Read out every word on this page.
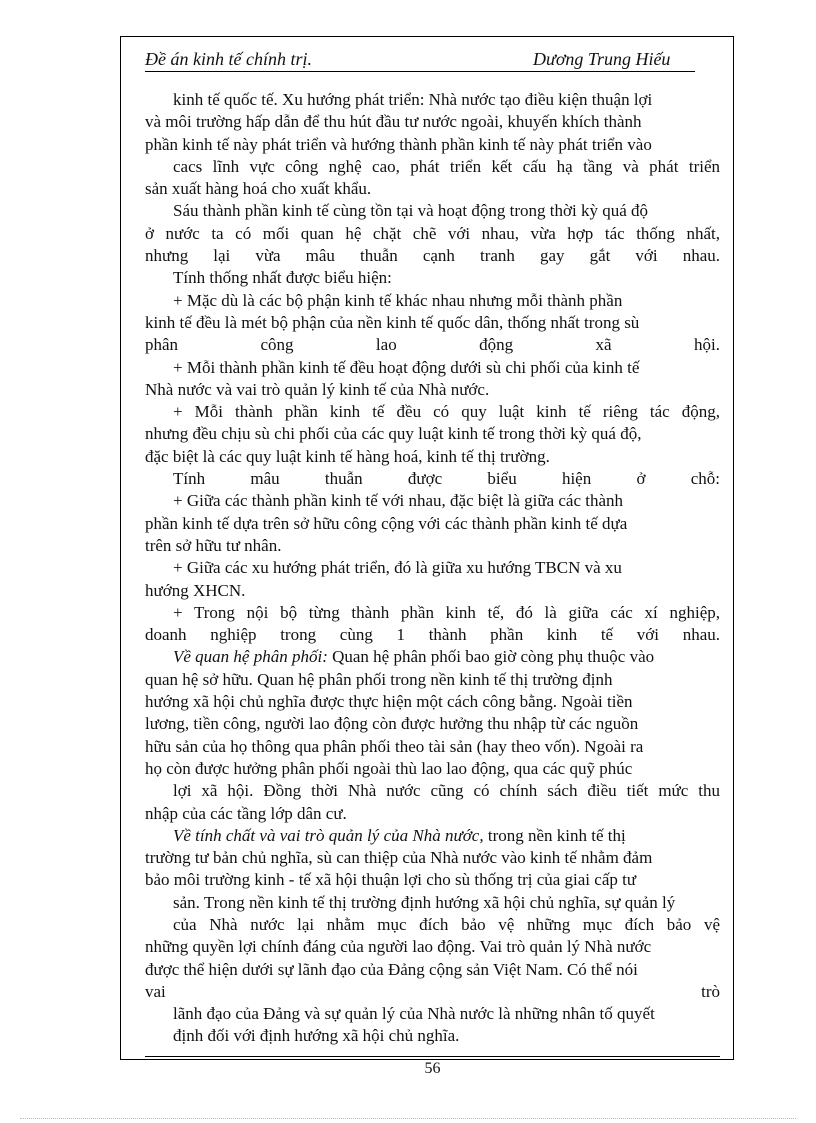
Đề án kinh tế chính trị.	Dương Trung Hiếu
kinh tế quốc tế. Xu hướng phát triển: Nhà nước tạo điều kiện thuận lợi
và môi trường hấp dẫn để thu hút đầu tư nước ngoài, khuyến khích thành
phần kinh tế này phát triển và hướng thành phần kinh tế này phát triển vào
cacs lĩnh vực công nghệ cao, phát triển kết cấu hạ tầng và phát triển
sản xuất hàng hoá cho xuất khẩu.
Sáu thành phần kinh tế cùng tồn tại và hoạt động trong thời kỳ quá độ
ở nước ta có mối quan hệ chặt chẽ với nhau, vừa hợp tác thống nhất,
nhưng lại vừa mâu thuẫn cạnh tranh gay gắt với nhau.
Tính thống nhất được biểu hiện:
+ Mặc dù là các bộ phận kinh tế khác nhau nhưng mỗi thành phần
kinh tế đều là mét bộ phận của nền kinh tế quốc dân, thống nhất trong sù
phân công lao động xã hội.
+ Mỗi thành phần kinh tế đều hoạt động dưới sù chi phối của kinh tế
Nhà nước và vai trò quản lý kinh tế của Nhà nước.
+ Mỗi thành phần kinh tế đều có quy luật kinh tế riêng tác động,
nhưng đều chịu sù chi phối của các quy luật kinh tế trong thời kỳ quá độ,
đặc biệt là các quy luật kinh tế hàng hoá, kinh tế thị trường.
Tính mâu thuẫn được biểu hiện ở chỗ:
+ Giữa các thành phần kinh tế với nhau, đặc biệt là giữa các thành
phần kinh tế dựa trên sở hữu công cộng với các thành phần kinh tế dựa
trên sở hữu tư nhân.
+ Giữa các xu hướng phát triển, đó là giữa xu hướng TBCN và xu
hướng XHCN.
+ Trong nội bộ từng thành phần kinh tế, đó là giữa các xí nghiệp,
doanh nghiệp trong cùng 1 thành phần kinh tế với nhau.
Về quan hệ phân phối: Quan hệ phân phối bao giờ còng phụ thuộc vào
quan hệ sở hữu. Quan hệ phân phối trong nền kinh tế thị trường định
hướng xã hội chủ nghĩa được thực hiện một cách công bằng. Ngoài tiền
lương, tiền công, người lao động còn được hưởng thu nhập từ các nguồn
hữu sản của họ thông qua phân phối theo tài sản (hay theo vốn). Ngoài ra
họ còn được hưởng phân phối ngoài thù lao lao động, qua các quỹ phúc
lợi xã hội. Đồng thời Nhà nước cũng có chính sách điều tiết mức thu
nhập của các tầng lớp dân cư.
Về tính chất và vai trò quản lý của Nhà nước, trong nền kinh tế thị
trường tư bản chủ nghĩa, sù can thiệp của Nhà nước vào kinh tế nhằm đảm
bảo môi trường kinh - tế xã hội thuận lợi cho sù thống trị của giai cấp tư
sản. Trong nền kinh tế thị trường định hướng xã hội chủ nghĩa, sự quản lý
của Nhà nước lại nhằm mục đích bảo vệ những mục đích bảo vệ
những quyền lợi chính đáng của người lao động. Vai trò quản lý Nhà nước
được thể hiện dưới sự lãnh đạo của Đảng cộng sản Việt Nam. Có thể nói
vai trò
lãnh đạo của Đảng và sự quản lý của Nhà nước là những nhân tố quyết
định đối với định hướng xã hội chủ nghĩa.
56
